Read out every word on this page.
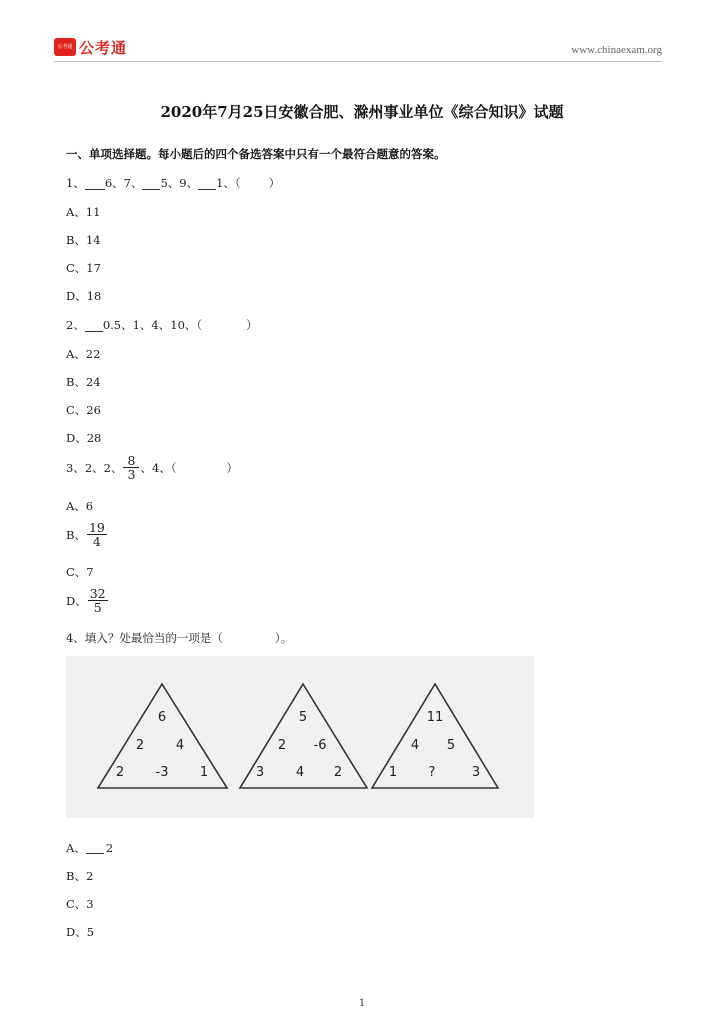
公考通 公考通	www.chinaexam.org
2020年7月25日安徽合肥、滁州事业单位《综合知识》试题
一、单项选择题。每小题后的四个备选答案中只有一个最符合题意的答案。
1、 6、7、 5、9、 1、（ ）
A、11
B、14
C、17
D、18
2、 0.5、1、4、10、（	）
A、22
B、24
C、26
D、28
3、2、2、 $\frac{8}{3}$ 、4、（	）
A、6
B、 $\frac{19}{4}$
C、7
D、 $\frac{32}{5}$
4、填入？处最恰当的一项是（	）。
6
2 4
2 -3 1
5
2 -6
3 4 2
11
4 5
1 ?	3
A、 2
B、2
C、3
D、5
1
